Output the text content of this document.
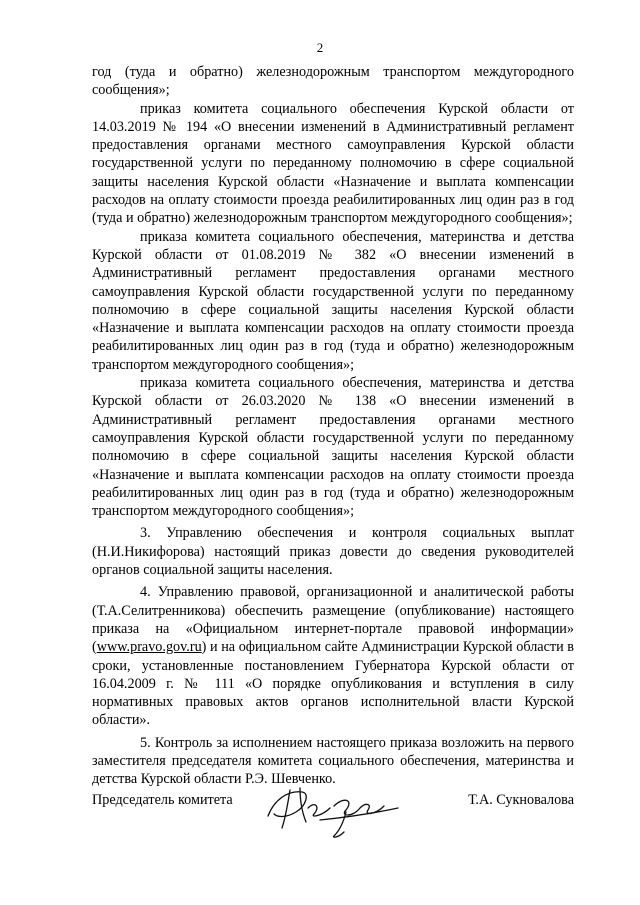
2

год (туда и обратно) железнодорожным транспортом междугородного сообщения»;

приказ комитета социального обеспечения Курской области от 14.03.2019 № 194 «О внесении изменений в Административный регламент предоставления органами местного самоуправления Курской области государственной услуги по переданному полномочию в сфере социальной защиты населения Курской области «Назначение и выплата компенсации расходов на оплату стоимости проезда реабилитированных лиц один раз в год (туда и обратно) железнодорожным транспортом междугородного сообщения»;

приказа комитета социального обеспечения, материнства и детства Курской области от 01.08.2019 № 382 «О внесении изменений в Административный регламент предоставления органами местного самоуправления Курской области государственной услуги по переданному полномочию в сфере социальной защиты населения Курской области «Назначение и выплата компенсации расходов на оплату стоимости проезда реабилитированных лиц один раз в год (туда и обратно) железнодорожным транспортом междугородного сообщения»;

приказа комитета социального обеспечения, материнства и детства Курской области от 26.03.2020 № 138 «О внесении изменений в Административный регламент предоставления органами местного самоуправления Курской области государственной услуги по переданному полномочию в сфере социальной защиты населения Курской области «Назначение и выплата компенсации расходов на оплату стоимости проезда реабилитированных лиц один раз в год (туда и обратно) железнодорожным транспортом междугородного сообщения»;

3. Управлению обеспечения и контроля социальных выплат (Н.И.Никифорова) настоящий приказ довести до сведения руководителей органов социальной защиты населения.

4. Управлению правовой, организационной и аналитической работы (Т.А.Селитренникова) обеспечить размещение (опубликование) настоящего приказа на «Официальном интернет-портале правовой информации» (www.pravo.gov.ru) и на официальном сайте Администрации Курской области в сроки, установленные постановлением Губернатора Курской области от 16.04.2009 г. № 111 «О порядке опубликования и вступления в силу нормативных правовых актов органов исполнительной власти Курской области».

5. Контроль за исполнением настоящего приказа возложить на первого заместителя председателя комитета социального обеспечения, материнства и детства Курской области Р.Э. Шевченко.

Председатель комитета	Т.А. Сукновалова
